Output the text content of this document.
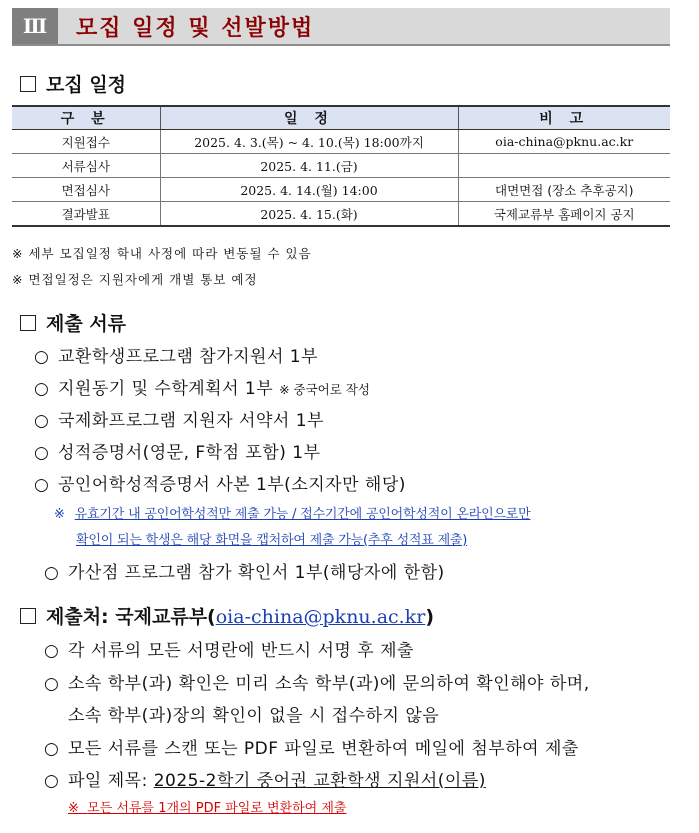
Ⅲ	모집 일정 및 선발방법
모집 일정
구 분	일 정	비 고
지원접수	2025. 4. 3.(목) ~ 4. 10.(목) 18:00까지	oia-china@pknu.ac.kr
서류심사	2025. 4. 11.(금)	
면접심사	2025. 4. 14.(월) 14:00	대면면접 (장소 추후공지)
결과발표	2025. 4. 15.(화)	국제교류부 홈페이지 공지
※ 세부 모집일정 학내 사정에 따라 변동될 수 있음
※ 면접일정은 지원자에게 개별 통보 예정
제출 서류
○ 교환학생프로그램 참가지원서 1부
○ 지원동기 및 수학계획서 1부 ※ 중국어로 작성
○ 국제화프로그램 지원자 서약서 1부
○ 성적증명서(영문, F학점 포함) 1부
○ 공인어학성적증명서 사본 1부(소지자만 해당)
※ 유효기간 내 공인어학성적만 제출 가능 / 접수기간에 공인어학성적이 온라인으로만
확인이 되는 학생은 해당 화면을 캡처하여 제출 가능(추후 성적표 제출)
○ 가산점 프로그램 참가 확인서 1부(해당자에 한함)
제출처: 국제교류부(oia-china@pknu.ac.kr)
○ 각 서류의 모든 서명란에 반드시 서명 후 제출
○ 소속 학부(과) 확인은 미리 소속 학부(과)에 문의하여 확인해야 하며,
소속 학부(과)장의 확인이 없을 시 접수하지 않음
○ 모든 서류를 스캔 또는 PDF 파일로 변환하여 메일에 첨부하여 제출
○ 파일 제목: 2025-2학기 중어권 교환학생 지원서(이름)
※ 모든 서류를 1개의 PDF 파일로 변환하여 제출
